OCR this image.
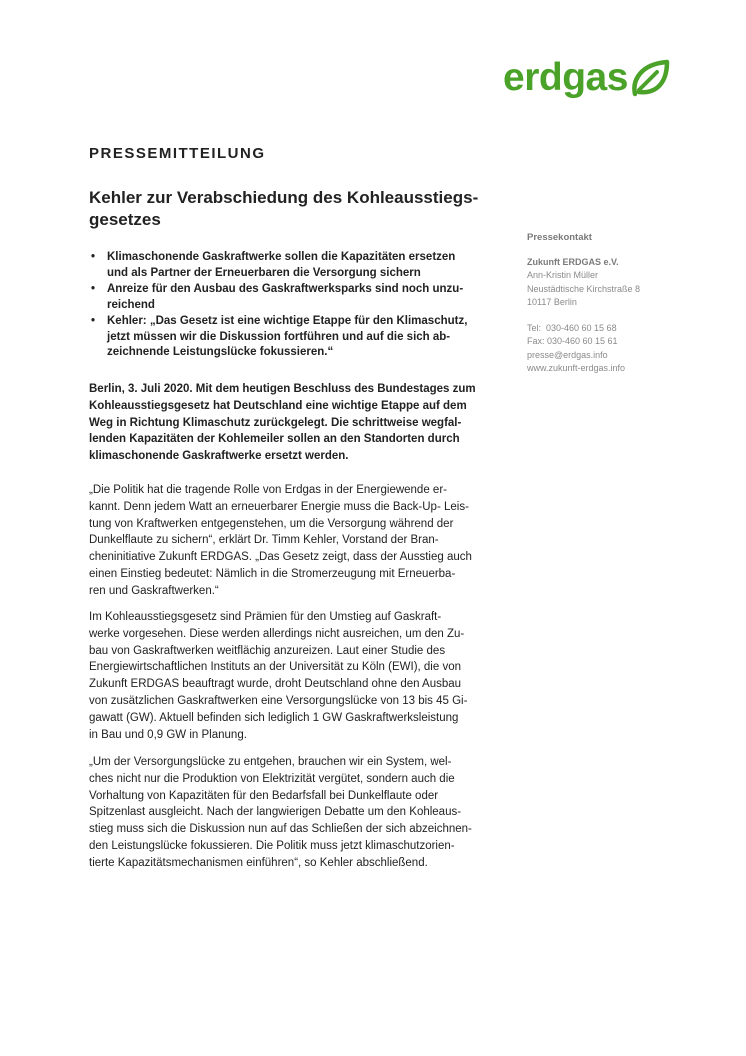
erdgas
PRESSEMITTEILUNG
Kehler zur Verabschiedung des Kohleausstiegs-
gesetzes
• Klimaschonende Gaskraftwerke sollen die Kapazitäten ersetzen
und als Partner der Erneuerbaren die Versorgung sichern
• Anreize für den Ausbau des Gaskraftwerksparks sind noch unzu-
reichend
• Kehler: „Das Gesetz ist eine wichtige Etappe für den Klimaschutz,
jetzt müssen wir die Diskussion fortführen und auf die sich ab-
zeichnende Leistungslücke fokussieren.“
Berlin, 3. Juli 2020. Mit dem heutigen Beschluss des Bundestages zum
Kohleausstiegsgesetz hat Deutschland eine wichtige Etappe auf dem
Weg in Richtung Klimaschutz zurückgelegt. Die schrittweise wegfal-
lenden Kapazitäten der Kohlemeiler sollen an den Standorten durch
klimaschonende Gaskraftwerke ersetzt werden.
„Die Politik hat die tragende Rolle von Erdgas in der Energiewende er-
kannt. Denn jedem Watt an erneuerbarer Energie muss die Back-Up- Leis-
tung von Kraftwerken entgegenstehen, um die Versorgung während der
Dunkelflaute zu sichern“, erklärt Dr. Timm Kehler, Vorstand der Bran-
cheninitiative Zukunft ERDGAS. „Das Gesetz zeigt, dass der Ausstieg auch
einen Einstieg bedeutet: Nämlich in die Stromerzeugung mit Erneuerba-
ren und Gaskraftwerken.“
Im Kohleausstiegsgesetz sind Prämien für den Umstieg auf Gaskraft-
werke vorgesehen. Diese werden allerdings nicht ausreichen, um den Zu-
bau von Gaskraftwerken weitflächig anzureizen. Laut einer Studie des
Energiewirtschaftlichen Instituts an der Universität zu Köln (EWI), die von
Zukunft ERDGAS beauftragt wurde, droht Deutschland ohne den Ausbau
von zusätzlichen Gaskraftwerken eine Versorgungslücke von 13 bis 45 Gi-
gawatt (GW). Aktuell befinden sich lediglich 1 GW Gaskraftwerksleistung
in Bau und 0,9 GW in Planung.
„Um der Versorgungslücke zu entgehen, brauchen wir ein System, wel-
ches nicht nur die Produktion von Elektrizität vergütet, sondern auch die
Vorhaltung von Kapazitäten für den Bedarfsfall bei Dunkelflaute oder
Spitzenlast ausgleicht. Nach der langwierigen Debatte um den Kohleaus-
stieg muss sich die Diskussion nun auf das Schließen der sich abzeichnen-
den Leistungslücke fokussieren. Die Politik muss jetzt klimaschutzorien-
tierte Kapazitätsmechanismen einführen“, so Kehler abschließend.
Pressekontakt
Zukunft ERDGAS e.V.
Ann-Kristin Müller
Neustädtische Kirchstraße 8
10117 Berlin
Tel:  030-460 60 15 68
Fax: 030-460 60 15 61
presse@erdgas.info
www.zukunft-erdgas.info
